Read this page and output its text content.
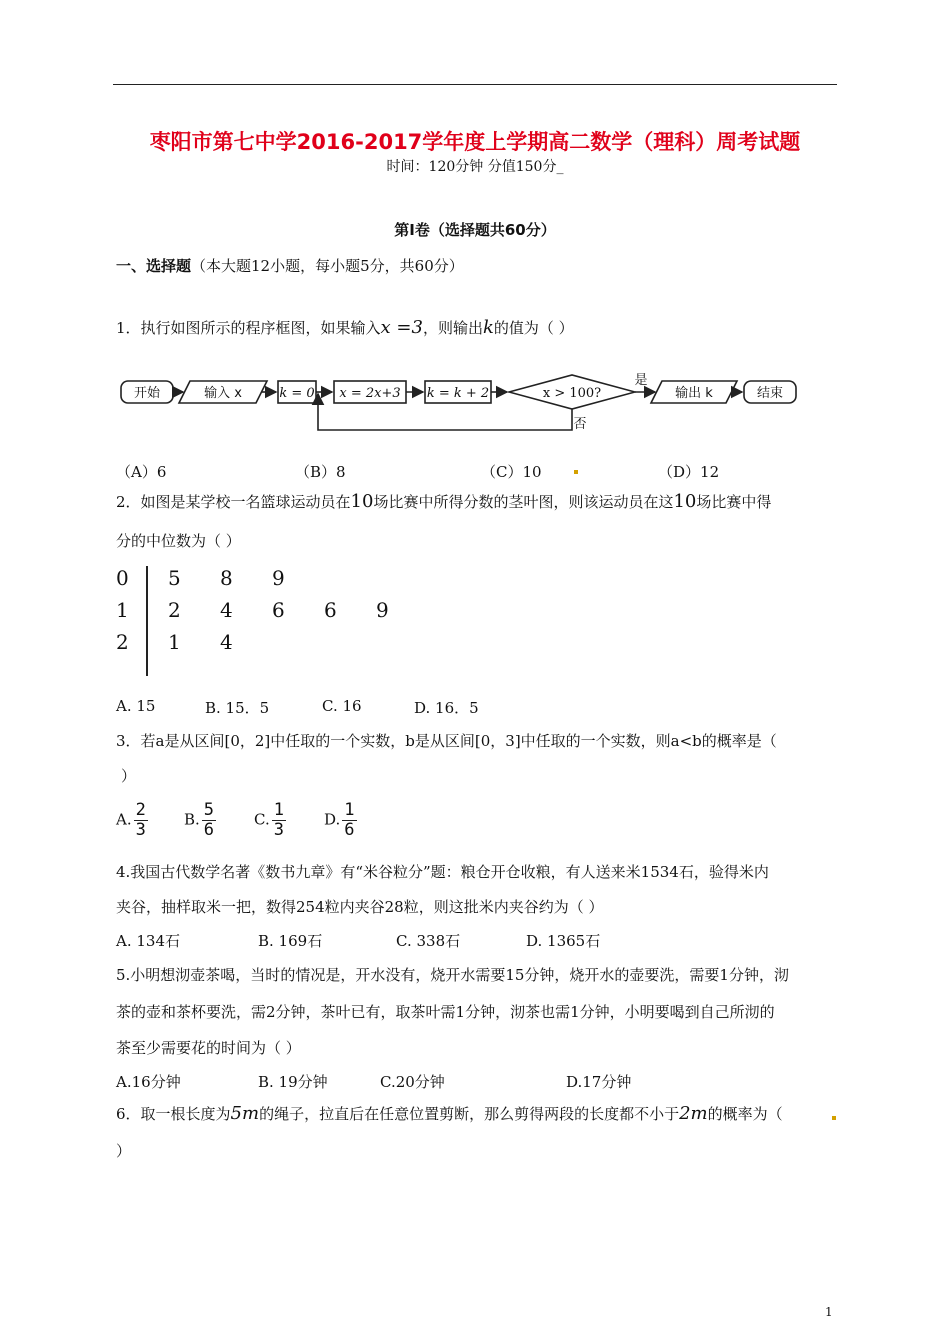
枣阳市第七中学2016-2017学年度上学期高二数学（理科）周考试题
时间：120分钟 分值150分_
第Ⅰ卷（选择题共60分）
一、选择题（本大题12小题，每小题5分，共60分）
1．执行如图所示的程序框图，如果输入x =3，则输出k的值为（ ）
开始	输入 x	k = 0 x = 2x+3 k = k + 2	x > 100?
是
否
输出 k	结束
（A）6	（B）8	（C）10	（D）12
2．如图是某学校一名篮球运动员在10场比赛中所得分数的茎叶图，则该运动员在这10场比赛中得
分的中位数为（ ）
0 5 8 9
1 2 4 6 6 9
2 1 4
A. 15	B. 15．5	C. 16	D. 16．5
3．若a是从区间[0，2]中任取的一个实数，b是从区间[0，3]中任取的一个实数，则a<b的概率是（
）
A. $\frac{2}{3} B$. $\frac{5}{6}$	C. $\frac{1}{3}$	D. $\frac{1}{6}$
4.我国古代数学名著《数书九章》有“米谷粒分”题：粮仓开仓收粮，有人送来米1534石，验得米内
夹谷，抽样取米一把，数得254粒内夹谷28粒，则这批米内夹谷约为（ ）
A. 134石	B. 169石	C. 338石	D. 1365石
5.小明想沏壶茶喝，当时的情况是，开水没有，烧开水需要15分钟，烧开水的壶要洗，需要1分钟，沏
茶的壶和茶杯要洗，需2分钟，茶叶已有，取茶叶需1分钟，沏茶也需1分钟，小明要喝到自己所沏的
茶至少需要花的时间为（ ）
A.16分钟	B. 19分钟	C.20分钟	D.17分钟
6．取一根长度为5m的绳子，拉直后在任意位置剪断，那么剪得两段的长度都不小于2m的概率为（
）
1
